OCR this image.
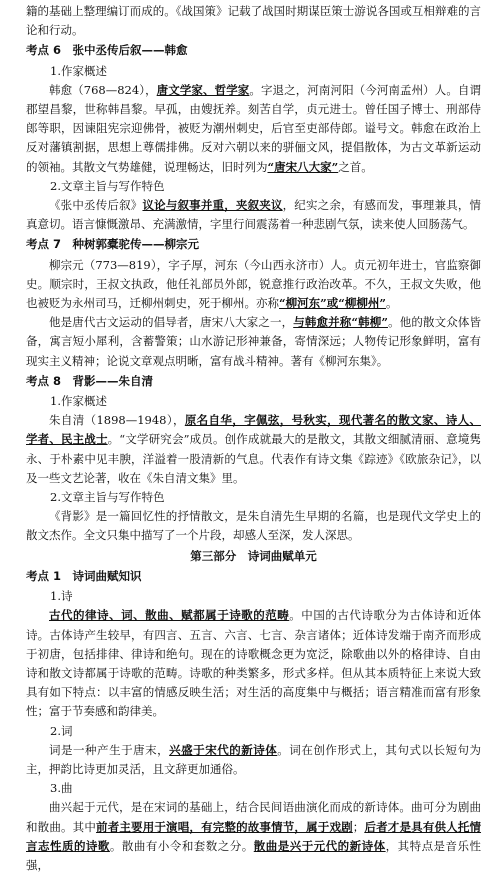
籍的基础上整理编订而成的。《战国策》记载了战国时期谋臣策士游说各国或互相辩难的言论和行动。

考点 6　张中丞传后叙——韩愈

1.作家概述

韩愈（768—824），唐文学家、哲学家。字退之，河南河阳（今河南孟州）人。自谓郡望昌黎，世称韩昌黎。早孤，由嫂抚养。刻苦自学，贞元进士。曾任国子博士、刑部侍郎等职，因谏阻宪宗迎佛骨，被贬为潮州刺史，后官至吏部侍郎。谥号文。韩愈在政治上反对藩镇割据，思想上尊儒排佛。反对六朝以来的骈俪文风，提倡散体，为古文革新运动的领袖。其散文气势雄健，说理畅达，旧时列为“唐宋八大家”之首。

2.文章主旨与写作特色

《张中丞传后叙》议论与叙事并重，夹叙夹议，纪实之余，有感而发，事理兼具，情真意切。语言慷慨激昂、充满激情，字里行间震荡着一种悲剧气氛，读来使人回肠荡气。

考点 7　种树郭橐驼传——柳宗元

柳宗元（773—819），字子厚，河东（今山西永济市）人。贞元初年进士，官监察御史。顺宗时，王叔文执政，他任礼部员外郎，锐意推行政治改革。不久，王叔文失败，他也被贬为永州司马，迁柳州刺史，死于柳州。亦称“柳河东”或“柳柳州”。

他是唐代古文运动的倡导者，唐宋八大家之一，与韩愈并称“韩柳”。他的散文众体皆备，寓言短小犀利，含蓄警策；山水游记形神兼备，寄情深远；人物传记形象鲜明，富有现实主义精神；论说文章观点明晰，富有战斗精神。著有《柳河东集》。

考点 8　背影——朱自清

1.作家概述

朱自清（1898—1948），原名自华，字佩弦，号秋实，现代著名的散文家、诗人、学者、民主战士。“文学研究会”成员。创作成就最大的是散文，其散文细腻清丽、意境隽永、于朴素中见丰腴，洋溢着一股清新的气息。代表作有诗文集《踪迹》《欧旅杂记》，以及一些文艺论著，收在《朱自清文集》里。

2.文章主旨与写作特色

《背影》是一篇回忆性的抒情散文，是朱自清先生早期的名篇，也是现代文学史上的散文杰作。全文只集中描写了一个片段，却感人至深，发人深思。

第三部分　诗词曲赋单元

考点 1　诗词曲赋知识

1.诗

古代的律诗、词、散曲、赋都属于诗歌的范畴。中国的古代诗歌分为古体诗和近体诗。古体诗产生较早，有四言、五言、六言、七言、杂言诸体；近体诗发端于南齐而形成于初唐，包括排律、律诗和绝句。现在的诗歌概念更为宽泛，除歌曲以外的格律诗、自由诗和散文诗都属于诗歌的范畴。诗歌的种类繁多，形式多样。但从其本质特征上来说大致具有如下特点：以丰富的情感反映生活；对生活的高度集中与概括；语言精准而富有形象性；富于节奏感和韵律美。

2.词

词是一种产生于唐末，兴盛于宋代的新诗体。词在创作形式上，其句式以长短句为主，押韵比诗更加灵活，且文辞更加通俗。

3.曲

曲兴起于元代，是在宋词的基础上，结合民间语曲演化而成的新诗体。曲可分为剧曲和散曲。其中前者主要用于演唱，有完整的故事情节，属于戏剧；后者才是具有供人托情言志性质的诗歌。散曲有小令和套数之分。散曲是兴于元代的新诗体，其特点是音乐性强，
